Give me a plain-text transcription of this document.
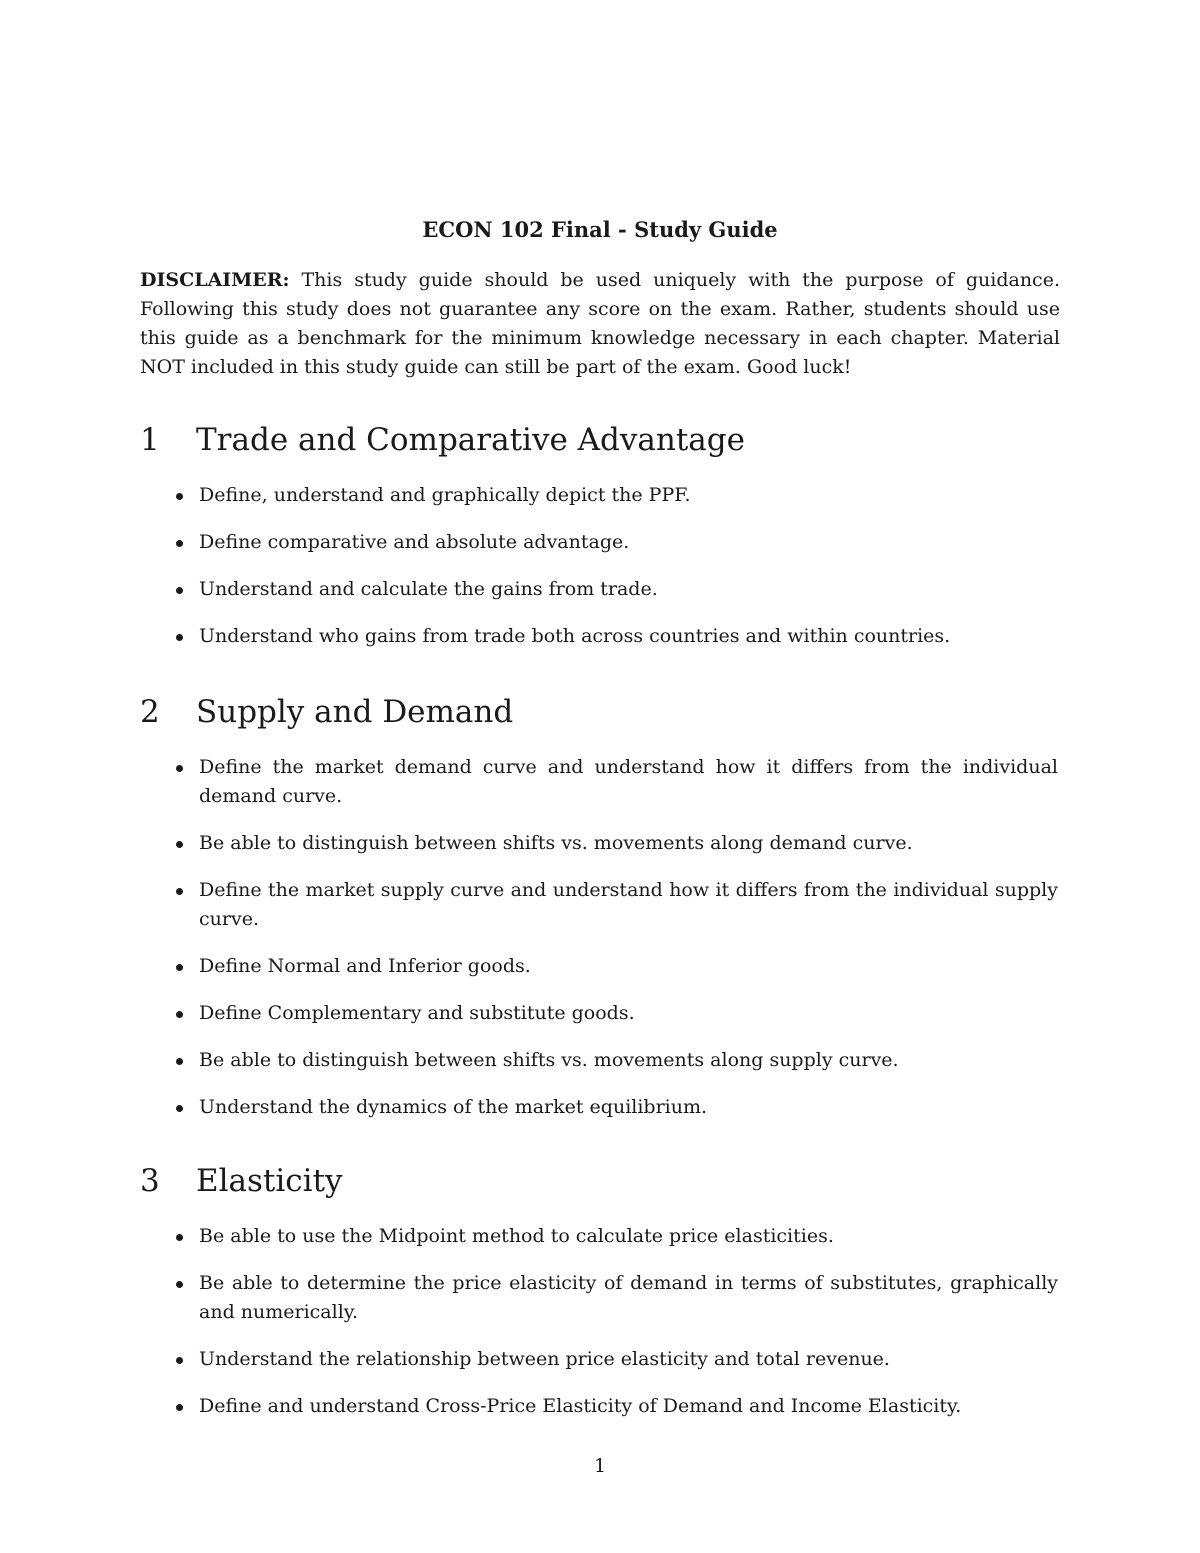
ECON 102 Final - Study Guide

DISCLAIMER: This study guide should be used uniquely with the purpose of guidance. Following this study does not guarantee any score on the exam. Rather, students should use this guide as a benchmark for the minimum knowledge necessary in each chapter. Material NOT included in this study guide can still be part of the exam. Good luck!

1 Trade and Comparative Advantage
Define, understand and graphically depict the PPF.
Define comparative and absolute advantage.
Understand and calculate the gains from trade.
Understand who gains from trade both across countries and within countries.
2 Supply and Demand
Define the market demand curve and understand how it differs from the individual demand curve.
Be able to distinguish between shifts vs. movements along demand curve.
Define the market supply curve and understand how it differs from the individual supply curve.
Define Normal and Inferior goods.
Define Complementary and substitute goods.
Be able to distinguish between shifts vs. movements along supply curve.
Understand the dynamics of the market equilibrium.
3 Elasticity
Be able to use the Midpoint method to calculate price elasticities.
Be able to determine the price elasticity of demand in terms of substitutes, graphically and numerically.
Understand the relationship between price elasticity and total revenue.
Define and understand Cross-Price Elasticity of Demand and Income Elasticity.

1
